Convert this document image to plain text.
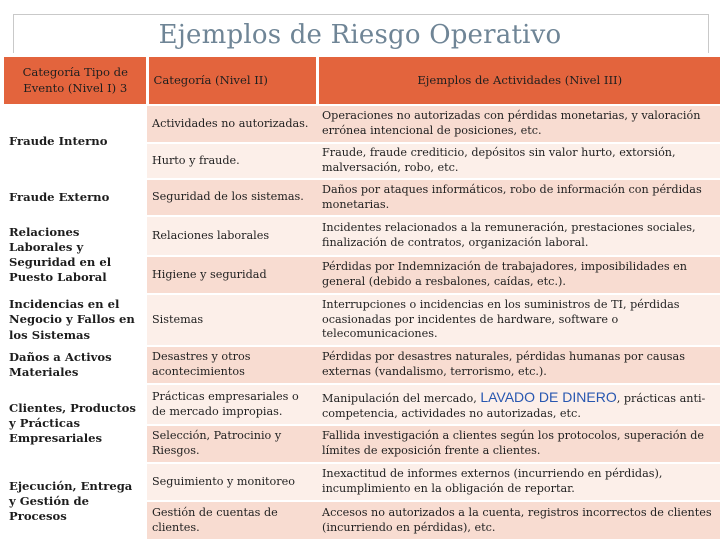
Ejemplos de Riesgo Operativo
Categoría Tipo de Evento (Nivel I) 3	Categoría (Nivel II)	Ejemplos de Actividades (Nivel III)
Fraude Interno	Actividades no autorizadas.	Operaciones no autorizadas con pérdidas monetarias, y valoración errónea intencional de posiciones, etc.
	Hurto y fraude.	Fraude, fraude crediticio, depósitos sin valor hurto, extorsión, malversación, robo, etc.
Fraude Externo	Seguridad de los sistemas.	Daños por ataques informáticos, robo de información con pérdidas monetarias.
Relaciones Laborales y Seguridad en el Puesto Laboral	Relaciones laborales	Incidentes relacionados a la remuneración, prestaciones sociales, finalización de contratos, organización laboral.
	Higiene y seguridad	Pérdidas por Indemnización de trabajadores, imposibilidades en general (debido a resbalones, caídas, etc.).
Incidencias en el Negocio y Fallos en los Sistemas	Sistemas	Interrupciones o incidencias en los suministros de TI, pérdidas ocasionadas por incidentes de hardware, software o telecomunicaciones.
Daños a Activos Materiales	Desastres y otros acontecimientos	Pérdidas por desastres naturales, pérdidas humanas por causas externas (vandalismo, terrorismo, etc.).
Clientes, Productos y Prácticas Empresariales	Prácticas empresariales o de mercado impropias.	Manipulación del mercado, LAVADO DE DINERO, prácticas anti-competencia, actividades no autorizadas, etc.
	Selección, Patrocinio y Riesgos.	Fallida investigación a clientes según los protocolos, superación de límites de exposición frente a clientes.
Ejecución, Entrega y Gestión de Procesos	Seguimiento y monitoreo	Inexactitud de informes externos (incurriendo en pérdidas), incumplimiento en la obligación de reportar.
	Gestión de cuentas de clientes.	Accesos no autorizados a la cuenta, registros incorrectos de clientes (incurriendo en pérdidas), etc.
